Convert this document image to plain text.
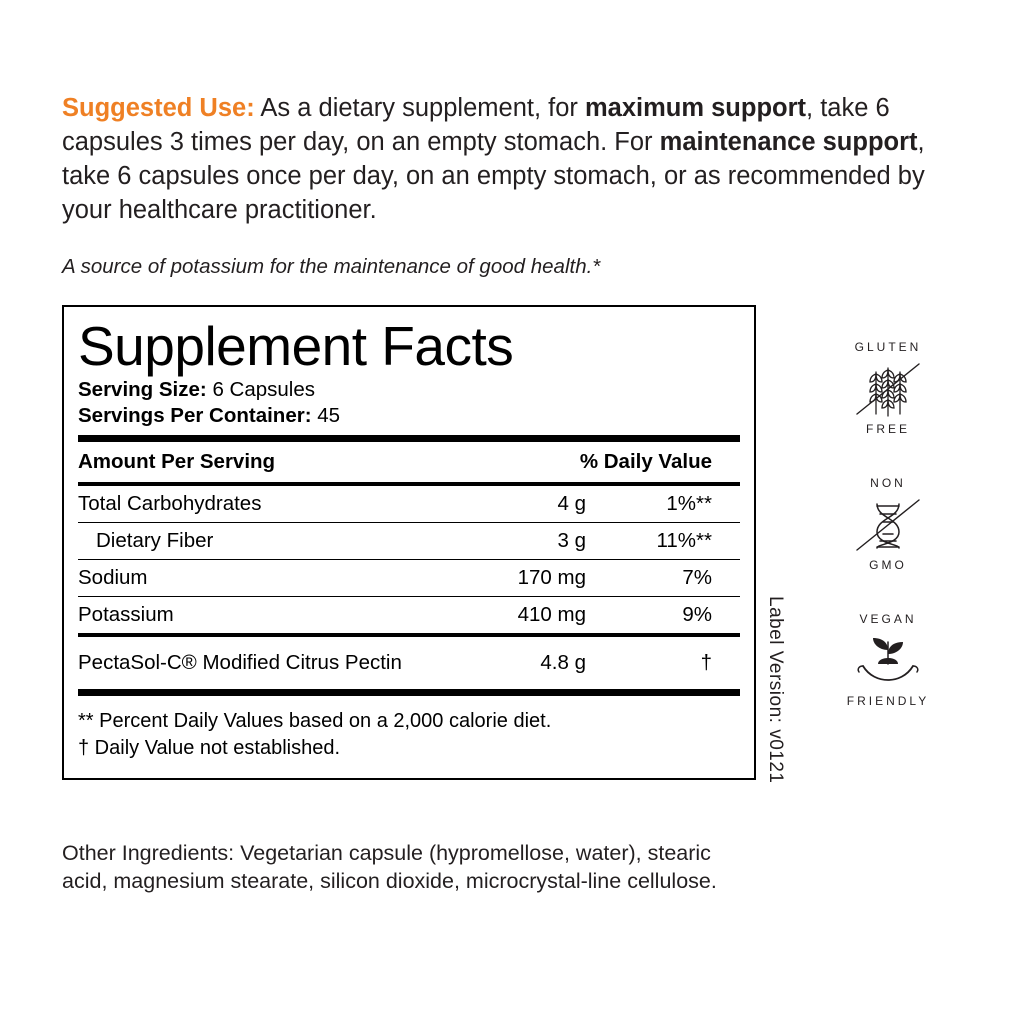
Suggested Use: As a dietary supplement, for maximum support, take 6 capsules 3 times per day, on an empty stomach. For maintenance support, take 6 capsules once per day, on an empty stomach, or as recommended by your healthcare practitioner.
A source of potassium for the maintenance of good health.*
Supplement Facts
Serving Size: 6 Capsules
Servings Per Container: 45
Amount Per Serving	% Daily Value
Total Carbohydrates	4 g	1%**
Dietary Fiber	3 g	11%**
Sodium	170 mg	7%
Potassium	410 mg	9%
PectaSol-C® Modified Citrus Pectin	4.8 g	†
** Percent Daily Values based on a 2,000 calorie diet.
† Daily Value not established.
Other Ingredients: Vegetarian capsule (hypromellose, water), stearic acid, magnesium stearate, silicon dioxide, microcrystal-line cellulose.
Label Version: v0121
GLUTEN
FREE
NON
GMO
VEGAN
FRIENDLY
